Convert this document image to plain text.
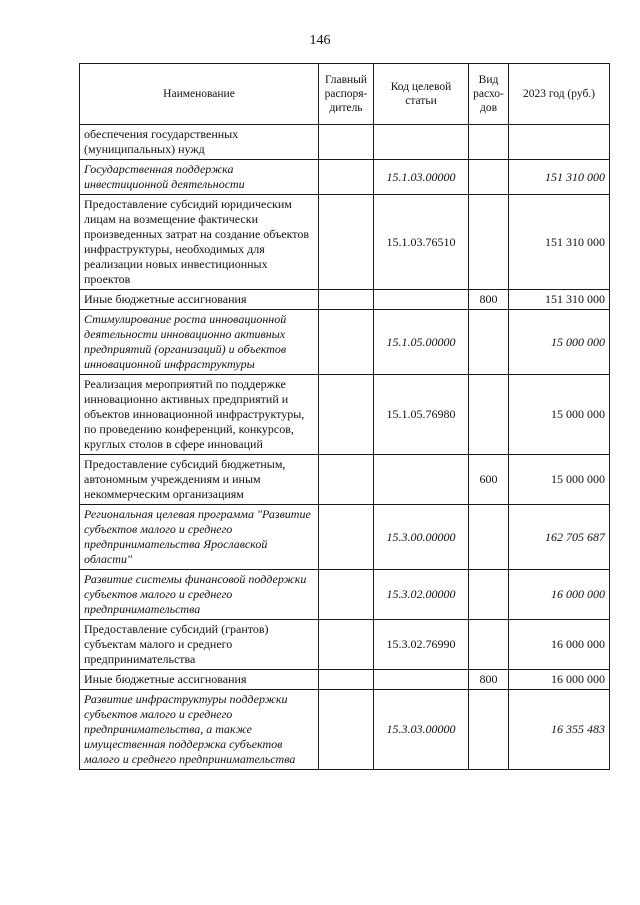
146
Наименование	Главный распоря-дитель	Код целевой статьи	Вид расхо-дов	2023 год (руб.)
обеспечения государственных (муниципальных) нужд				
Государственная поддержка инвестиционной деятельности		15.1.03.00000		151 310 000
Предоставление субсидий юридическим лицам на возмещение фактически произведенных затрат на создание объектов инфраструктуры, необходимых для реализации новых инвестиционных проектов		15.1.03.76510		151 310 000
Иные бюджетные ассигнования			800	151 310 000
Стимулирование роста инновационной деятельности инновационно активных предприятий (организаций) и объектов инновационной инфраструктуры		15.1.05.00000		15 000 000
Реализация мероприятий по поддержке инновационно активных предприятий и объектов инновационной инфраструктуры, по проведению конференций, конкурсов, круглых столов в сфере инноваций		15.1.05.76980		15 000 000
Предоставление субсидий бюджетным, автономным учреждениям и иным некоммерческим организациям			600	15 000 000
Региональная целевая программа "Развитие субъектов малого и среднего предпринимательства Ярославской области"		15.3.00.00000		162 705 687
Развитие системы финансовой поддержки субъектов малого и среднего предпринимательства		15.3.02.00000		16 000 000
Предоставление субсидий (грантов) субъектам малого и среднего предпринимательства		15.3.02.76990		16 000 000
Иные бюджетные ассигнования			800	16 000 000
Развитие инфраструктуры поддержки субъектов малого и среднего предпринимательства, а также имущественная поддержка субъектов малого и среднего предпринимательства		15.3.03.00000		16 355 483
